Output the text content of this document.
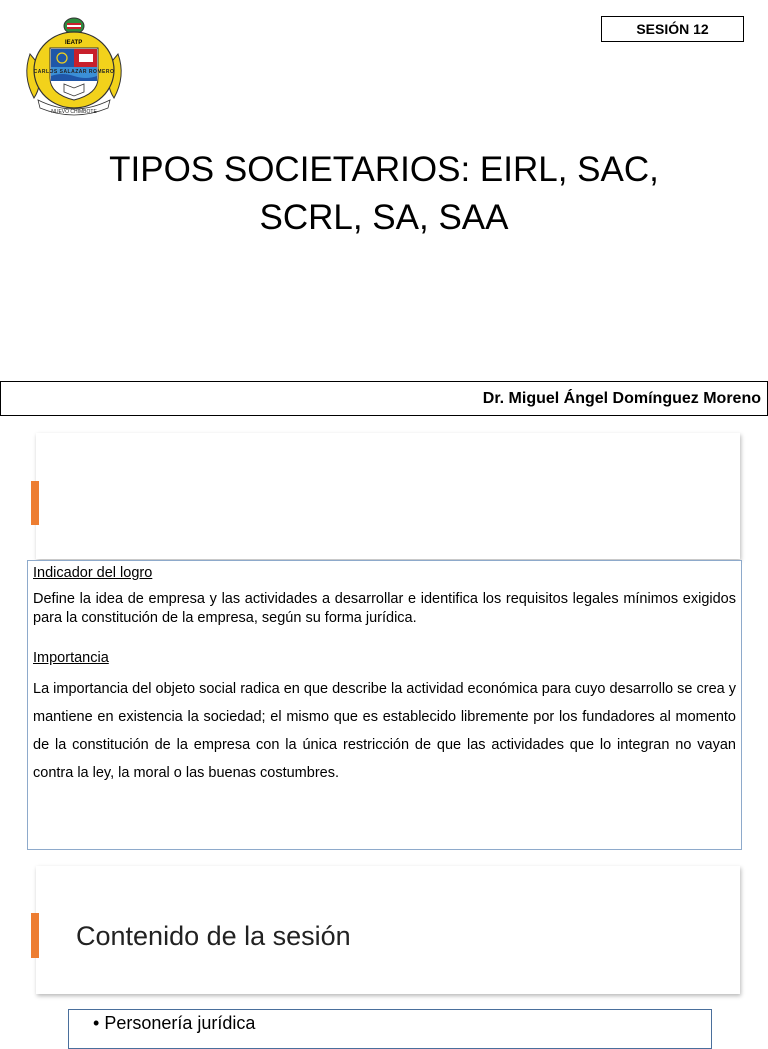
IEATP
CARLOS SALAZAR ROMERO
NUEVO CHIMBOTE
SESIÓN 12
TIPOS SOCIETARIOS: EIRL, SAC,
SCRL, SA, SAA
Dr. Miguel Ángel Domínguez Moreno

Indicador del logro

Define la idea de empresa y las actividades a desarrollar e identifica los requisitos legales mínimos exigidos para la constitución de la empresa, según su forma jurídica.

Importancia

La importancia del objeto social radica en que describe la actividad económica para cuyo desarrollo se crea y mantiene en existencia la sociedad; el mismo que es establecido libremente por los fundadores al momento de la constitución de la empresa con la única restricción de que las actividades que lo integran no vayan contra la ley, la moral o las buenas costumbres.

Contenido de la sesión
• Personería jurídica
